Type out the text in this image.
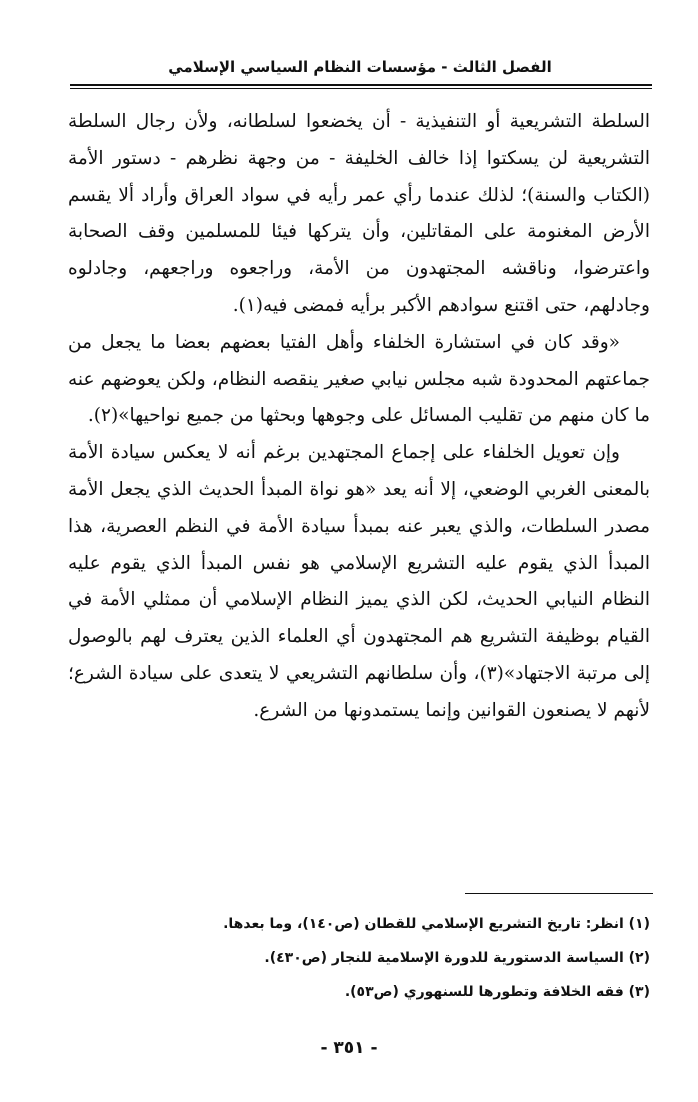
الفصل الثالث - مؤسسات النظام السياسي الإسلامي

السلطة التشريعية أو التنفيذية - أن يخضعوا لسلطانه، ولأن رجال السلطة التشريعية لن يسكتوا إذا خالف الخليفة - من وجهة نظرهم - دستور الأمة (الكتاب والسنة)؛ لذلك عندما رأي عمر رأيه في سواد العراق وأراد ألا يقسم الأرض المغنومة على المقاتلين، وأن يتركها فيئا للمسلمين وقف الصحابة واعترضوا، وناقشه المجتهدون من الأمة، وراجعوه وراجعهم، وجادلوه وجادلهم، حتى اقتنع سوادهم الأكبر برأيه فمضى فيه(١).

«وقد كان في استشارة الخلفاء وأهل الفتيا بعضهم بعضا ما يجعل من جماعتهم المحدودة شبه مجلس نيابي صغير ينقصه النظام، ولكن يعوضهم عنه ما كان منهم من تقليب المسائل على وجوهها وبحثها من جميع نواحيها»(٢).

وإن تعويل الخلفاء على إجماع المجتهدين برغم أنه لا يعكس سيادة الأمة بالمعنى الغربي الوضعي، إلا أنه يعد «هو نواة المبدأ الحديث الذي يجعل الأمة مصدر السلطات، والذي يعبر عنه بمبدأ سيادة الأمة في النظم العصرية، هذا المبدأ الذي يقوم عليه التشريع الإسلامي هو نفس المبدأ الذي يقوم عليه النظام النيابي الحديث، لكن الذي يميز النظام الإسلامي أن ممثلي الأمة في القيام بوظيفة التشريع هم المجتهدون أي العلماء الذين يعترف لهم بالوصول إلى مرتبة الاجتهاد»(٣)، وأن سلطانهم التشريعي لا يتعدى على سيادة الشرع؛ لأنهم لا يصنعون القوانين وإنما يستمدونها من الشرع.

(١) انظر: تاريخ التشريع الإسلامي للقطان (ص١٤٠)، وما بعدها.
(٢) السياسة الدستورية للدورة الإسلامية للنجار (ص٤٣٠).
(٣) فقه الخلافة وتطورها للسنهوري (ص٥٣).
- ٣٥١ -
